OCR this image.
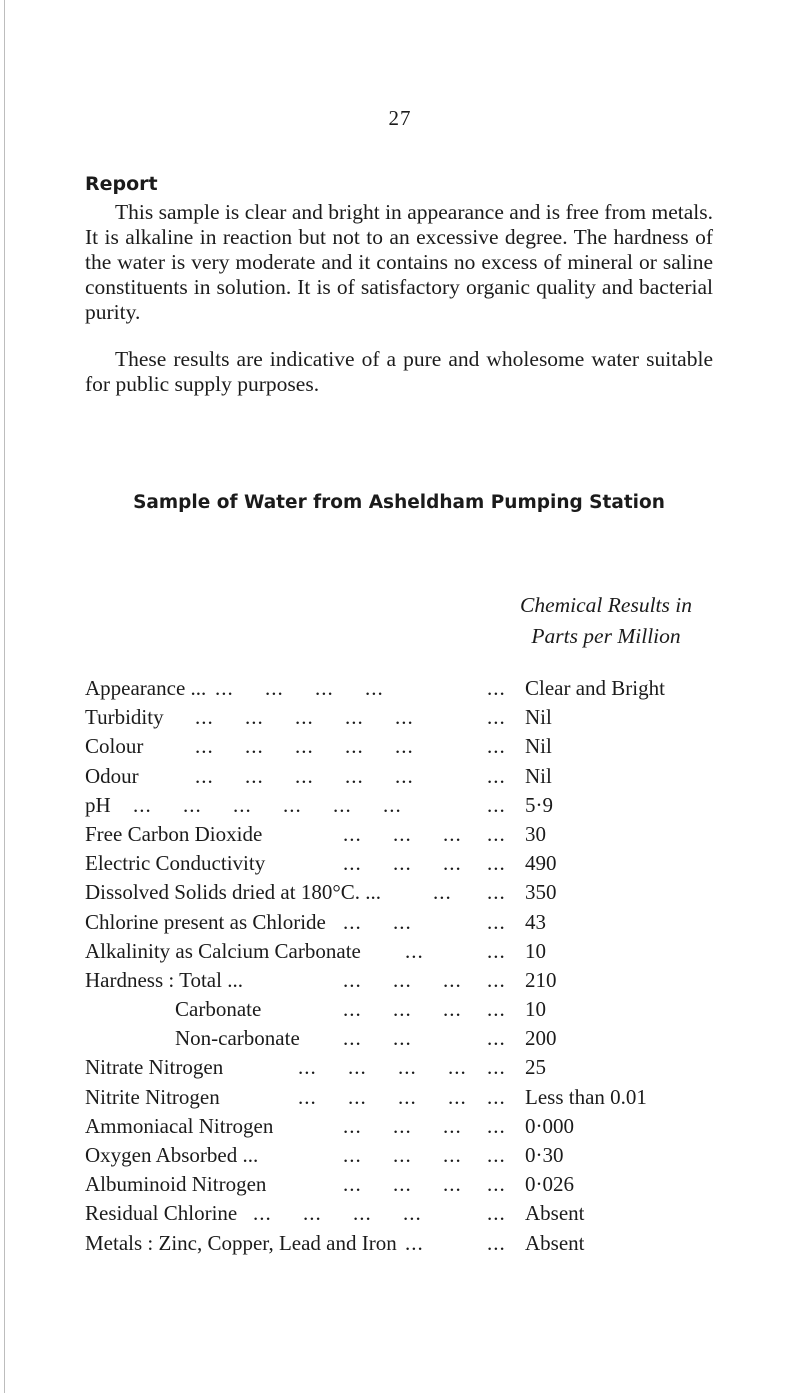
27
Report

This sample is clear and bright in appearance and is free from metals. It is alkaline in reaction but not to an excessive degree. The hardness of the water is very moderate and it contains no excess of mineral or saline constituents in solution. It is of satisfactory organic quality and bacterial purity.

These results are indicative of a pure and wholesome water suitable for public supply purposes.

Sample of Water from Asheldham Pumping Station
Chemical Results in
Parts per Million
Appearance ... ...     ...     ...     ...	... Clear and Bright
Turbidity ...     ...     ...     ...     ...	... Nil
Colour ...     ...     ...     ...     ...	... Nil
Odour	...     ...     ...     ...     ...	... Nil
pH ...     ...     ...     ...     ...     ...	... 5·9
Free Carbon Dioxide	...     ...     ... ... 30
Electric Conductivity	...     ...     ... ... 490
Dissolved Solids dried at 180°C. ... ... ... 350
Chlorine present as Chloride ...     ...	... 43
Alkalinity as Calcium Carbonate ...	... 10
Hardness : Total ...	...     ...     ... ... 210
Carbonate	...     ...     ... ... 10
Non-carbonate ...     ...	... 200
Nitrate Nitrogen	...     ...     ...     ... ... 25
Nitrite Nitrogen	...     ...     ...     ... ... Less than 0.01
Ammoniacal Nitrogen	...     ...     ... ... 0·000
Oxygen Absorbed ...	...     ...     ... ... 0·30
Albuminoid Nitrogen	...     ...     ... ... 0·026
Residual Chlorine ...     ...     ...     ...	... Absent
Metals : Zinc, Copper, Lead and Iron ...	... Absent
